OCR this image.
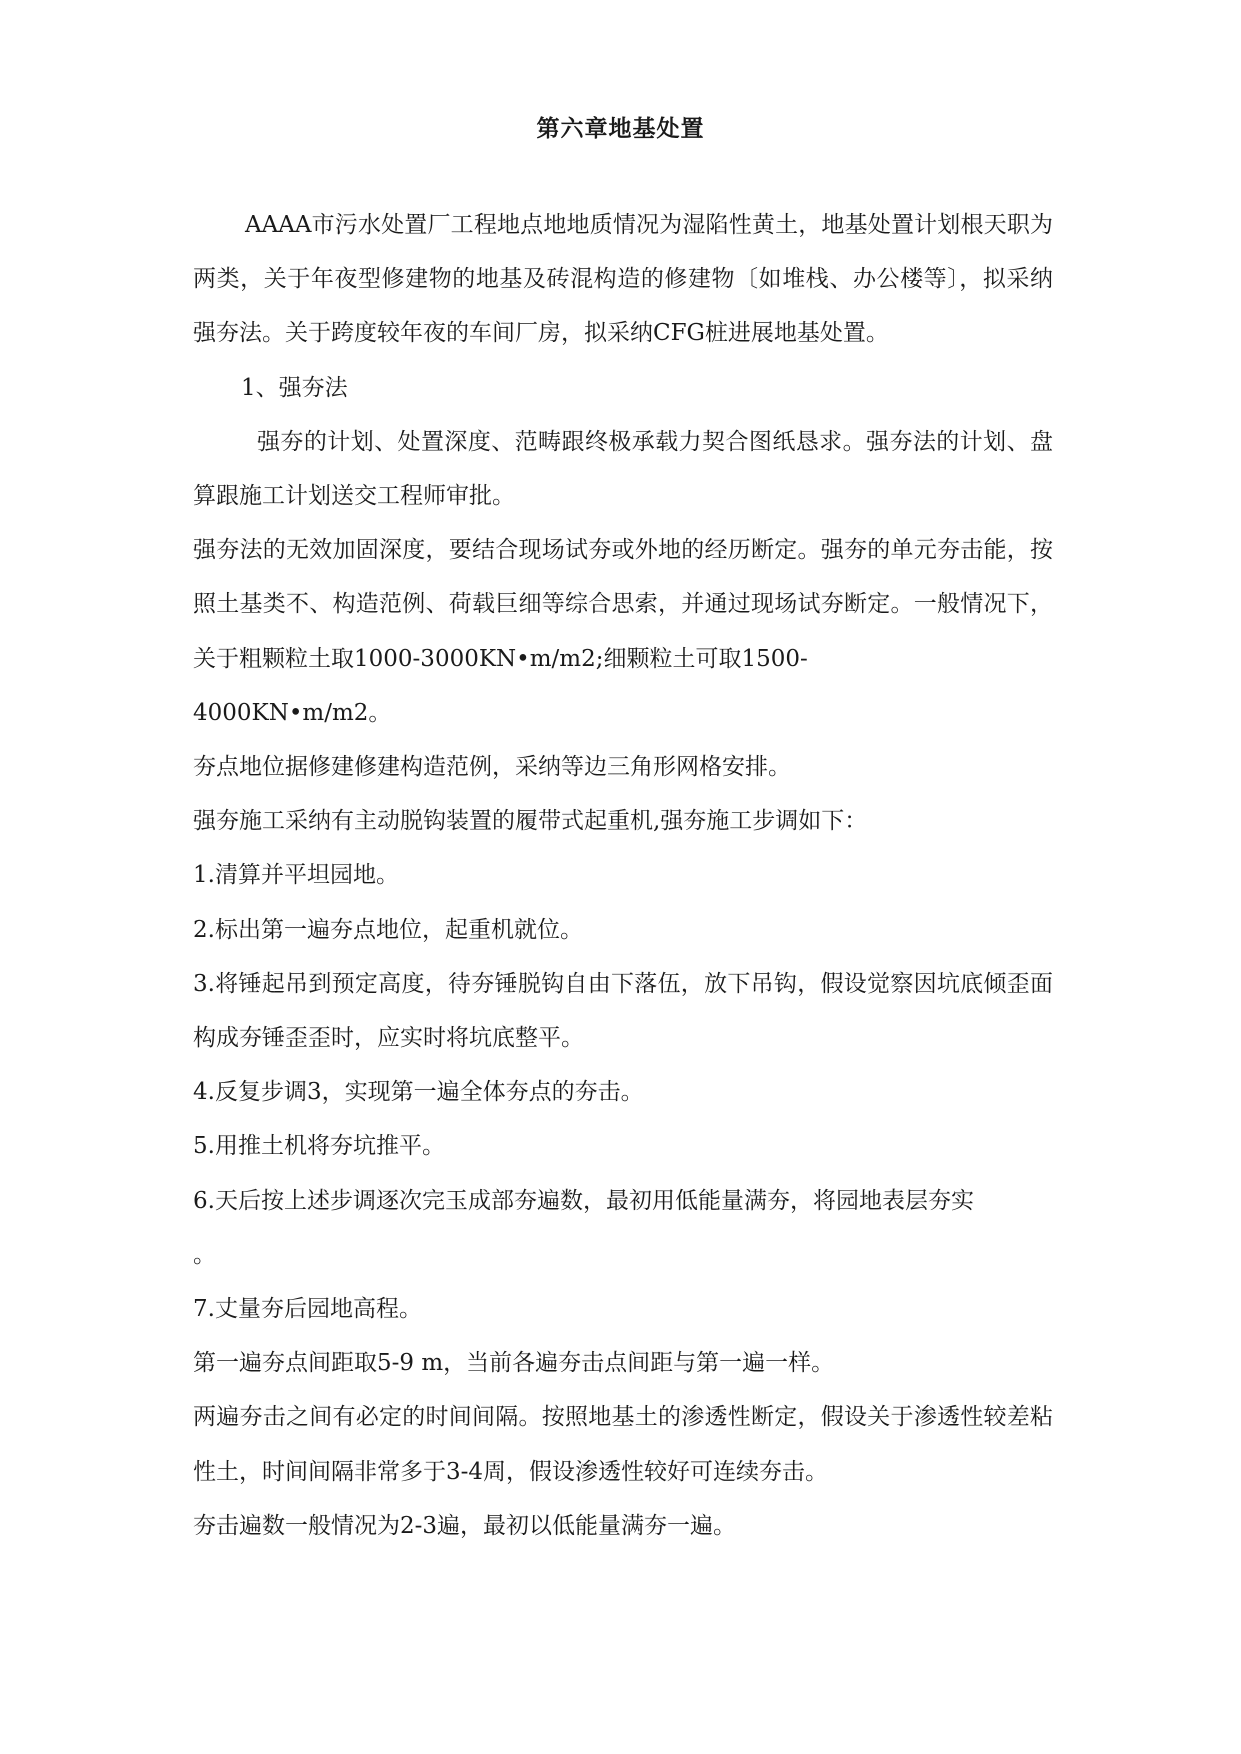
第六章地基处置

AAAA市污水处置厂工程地点地地质情况为湿陷性黄土，地基处置计划根天职为两类，关于年夜型修建物的地基及砖混构造的修建物〔如堆栈、办公楼等〕，拟采纳强夯法。关于跨度较年夜的车间厂房，拟采纳CFG桩进展地基处置。

1、强夯法

强夯的计划、处置深度、范畴跟终极承载力契合图纸恳求。强夯法的计划、盘算跟施工计划送交工程师审批。

强夯法的无效加固深度，要结合现场试夯或外地的经历断定。强夯的单元夯击能，按照土基类不、构造范例、荷载巨细等综合思索，并通过现场试夯断定。一般情况下，关于粗颗粒土取1000-3000KN•m/m2;细颗粒土可取1500-

4000KN•m/m2。

夯点地位据修建修建构造范例，采纳等边三角形网格安排。

强夯施工采纳有主动脱钩装置的履带式起重机,强夯施工步调如下：

1.清算并平坦园地。

2.标出第一遍夯点地位，起重机就位。

3.将锤起吊到预定高度，待夯锤脱钩自由下落伍，放下吊钩，假设觉察因坑底倾歪面构成夯锤歪歪时，应实时将坑底整平。

4.反复步调3，实现第一遍全体夯点的夯击。

5.用推土机将夯坑推平。

6.天后按上述步调逐次完玉成部夯遍数，最初用低能量满夯，将园地表层夯实

。

7.丈量夯后园地高程。

第一遍夯点间距取5-9 m，当前各遍夯击点间距与第一遍一样。

两遍夯击之间有必定的时间间隔。按照地基土的渗透性断定，假设关于渗透性较差粘性土，时间间隔非常多于3-4周，假设渗透性较好可连续夯击。

夯击遍数一般情况为2-3遍，最初以低能量满夯一遍。
